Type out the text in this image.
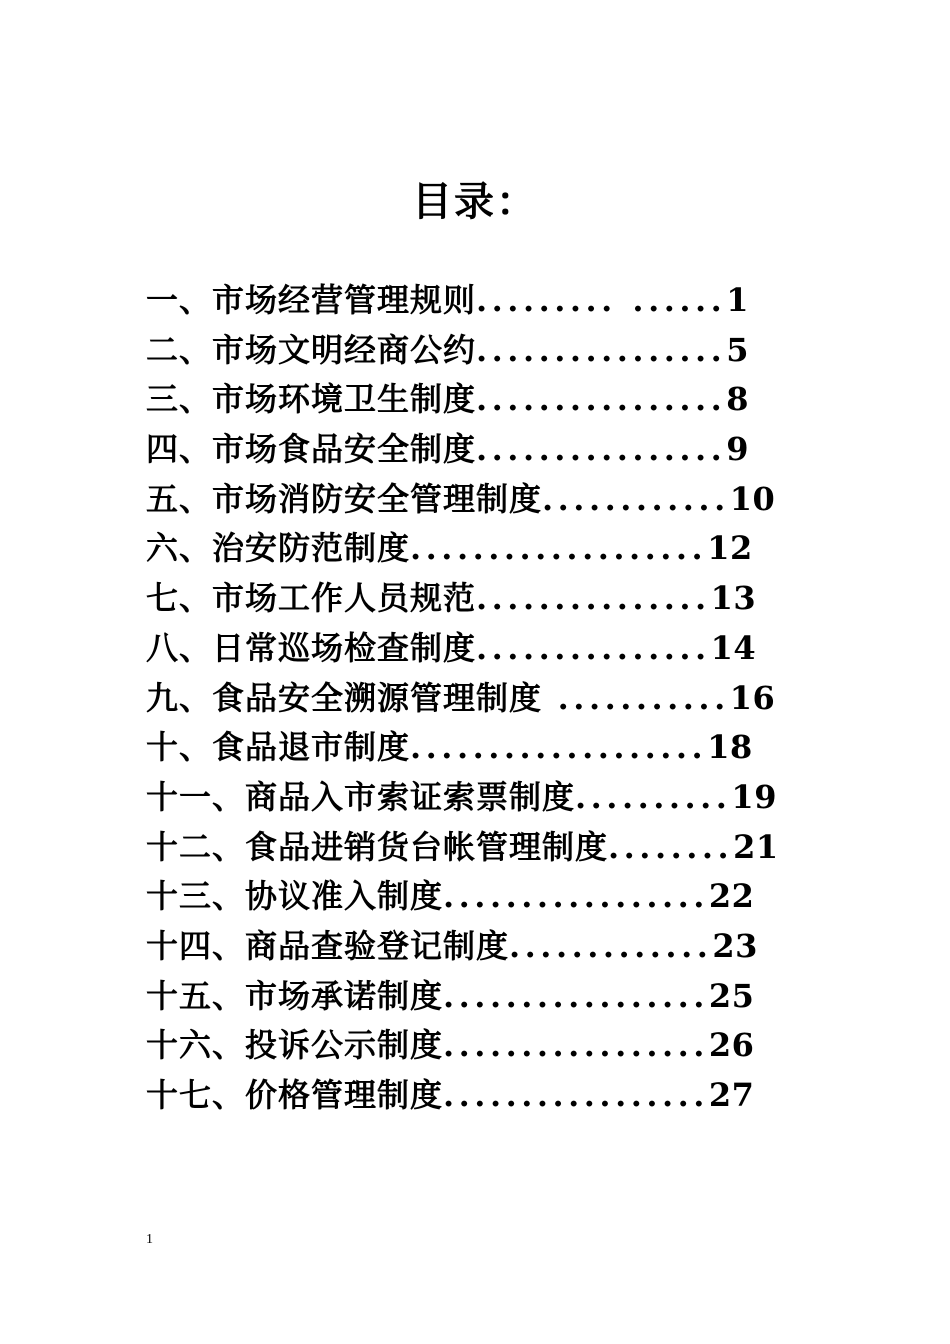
目录：
一、市场经营管理规则......... ......1
二、市场文明经商公约................5
三、市场环境卫生制度................8
四、市场食品安全制度................9
五、市场消防安全管理制度............10
六、治安防范制度...................12
七、市场工作人员规范...............13
八、日常巡场检查制度...............14
九、食品安全溯源管理制度 ...........16
十、食品退市制度...................18
十一、商品入市索证索票制度..........19
十二、食品进销货台帐管理制度........21
十三、协议准入制度.................22
十四、商品查验登记制度.............23
十五、市场承诺制度.................25
十六、投诉公示制度.................26
十七、价格管理制度.................27
1
